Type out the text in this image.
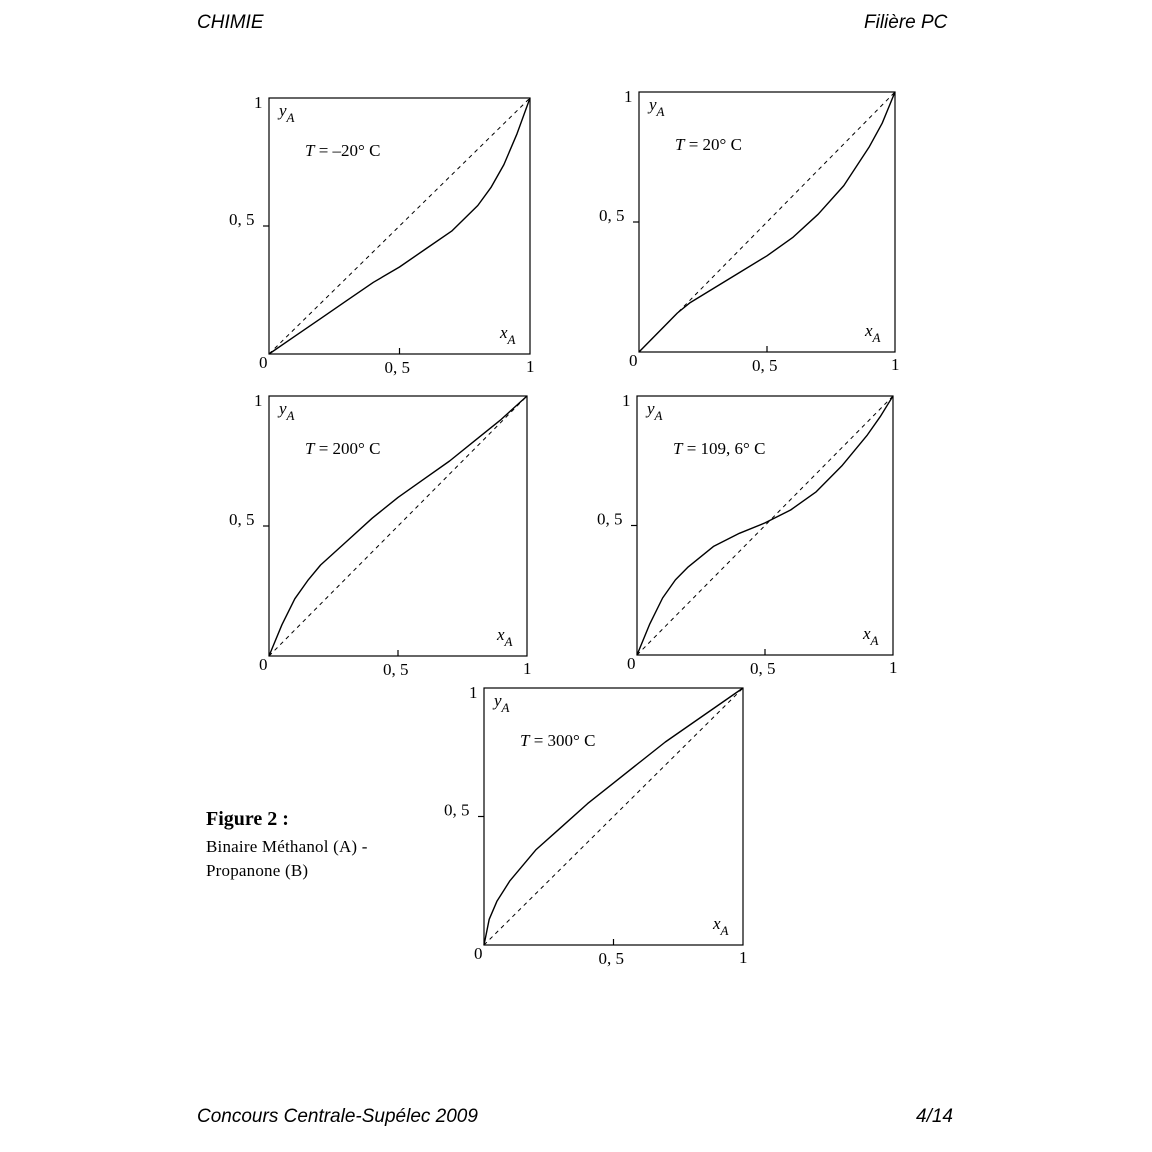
CHIMIE	Filière PC
0	0, 5	1
0, 5
1 $y_A$
$x_A$
T = –20° C
0	0, 5	1
0, 5
1 $y_A$
$x_A$
T = 20° C
0	0, 5	1
0, 5
1 $y_A$
$x_A$
T = 200° C
0	0, 5	1
0, 5
1 $y_A$
$x_A$
T = 109, 6° C
0	0, 5	1
0, 5
1 $y_A$
$x_A$
T = 300° C
Figure 2 :
Binaire Méthanol (A) -
Propanone (B)
Concours Centrale-Supélec 2009	4/14
